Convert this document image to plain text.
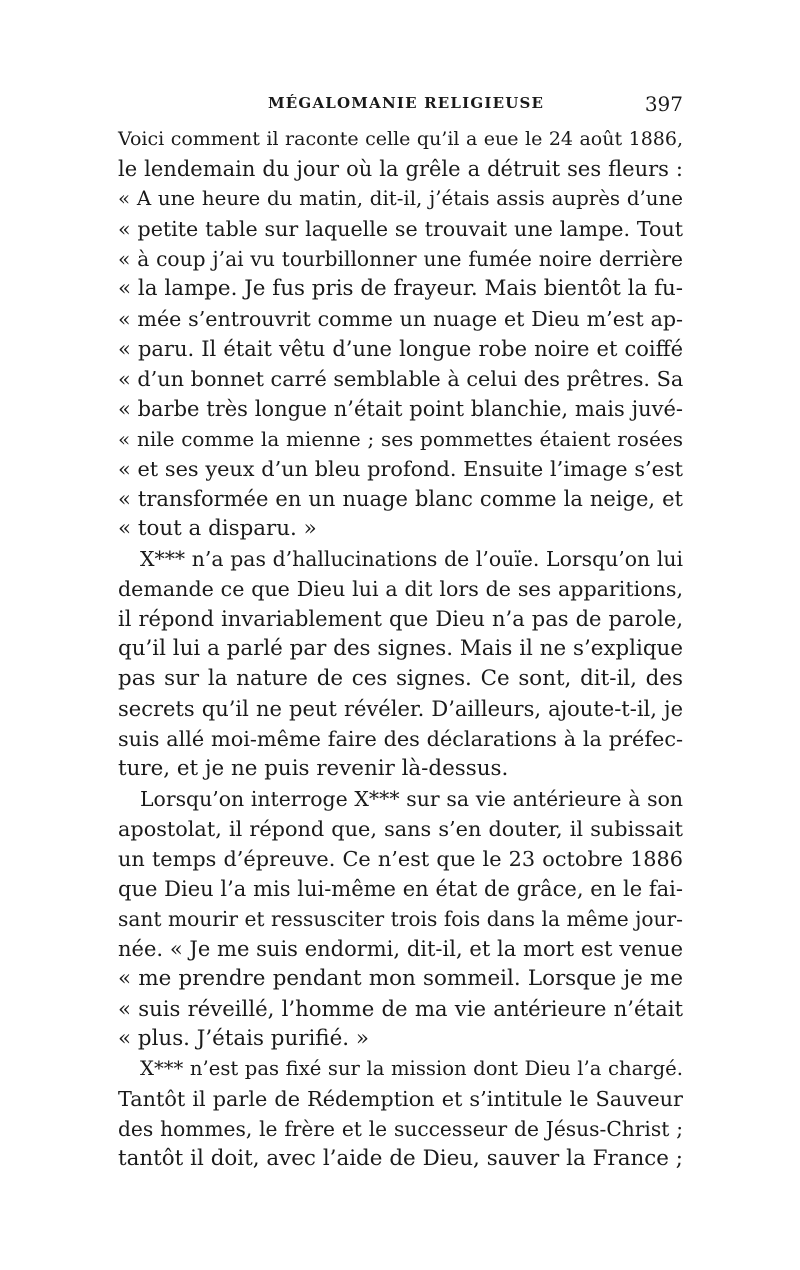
MÉGALOMANIE RELIGIEUSE	397
Voici comment il raconte celle qu’il a eue le 24 août 1886,
le lendemain du jour où la grêle a détruit ses fleurs :
« A une heure du matin, dit-il, j’étais assis auprès d’une
« petite table sur laquelle se trouvait une lampe. Tout
« à coup j’ai vu tourbillonner une fumée noire derrière
« la lampe. Je fus pris de frayeur. Mais bientôt la fu-
« mée s’entrouvrit comme un nuage et Dieu m’est ap-
« paru. Il était vêtu d’une longue robe noire et coiffé
« d’un bonnet carré semblable à celui des prêtres. Sa
« barbe très longue n’était point blanchie, mais juvé-
« nile comme la mienne ; ses pommettes étaient rosées
« et ses yeux d’un bleu profond. Ensuite l’image s’est
« transformée en un nuage blanc comme la neige, et
« tout a disparu. »
X*** n’a pas d’hallucinations de l’ouïe. Lorsqu’on lui
demande ce que Dieu lui a dit lors de ses apparitions,
il répond invariablement que Dieu n’a pas de parole,
qu’il lui a parlé par des signes. Mais il ne s’explique
pas sur la nature de ces signes. Ce sont, dit-il, des
secrets qu’il ne peut révéler. D’ailleurs, ajoute-t-il, je
suis allé moi-même faire des déclarations à la préfec-
ture, et je ne puis revenir là-dessus.
Lorsqu’on interroge X*** sur sa vie antérieure à son
apostolat, il répond que, sans s’en douter, il subissait
un temps d’épreuve. Ce n’est que le 23 octobre 1886
que Dieu l’a mis lui-même en état de grâce, en le fai-
sant mourir et ressusciter trois fois dans la même jour-
née. « Je me suis endormi, dit-il, et la mort est venue
« me prendre pendant mon sommeil. Lorsque je me
« suis réveillé, l’homme de ma vie antérieure n’était
« plus. J’étais purifié. »
X*** n’est pas fixé sur la mission dont Dieu l’a chargé.
Tantôt il parle de Rédemption et s’intitule le Sauveur
des hommes, le frère et le successeur de Jésus-Christ ;
tantôt il doit, avec l’aide de Dieu, sauver la France ;
